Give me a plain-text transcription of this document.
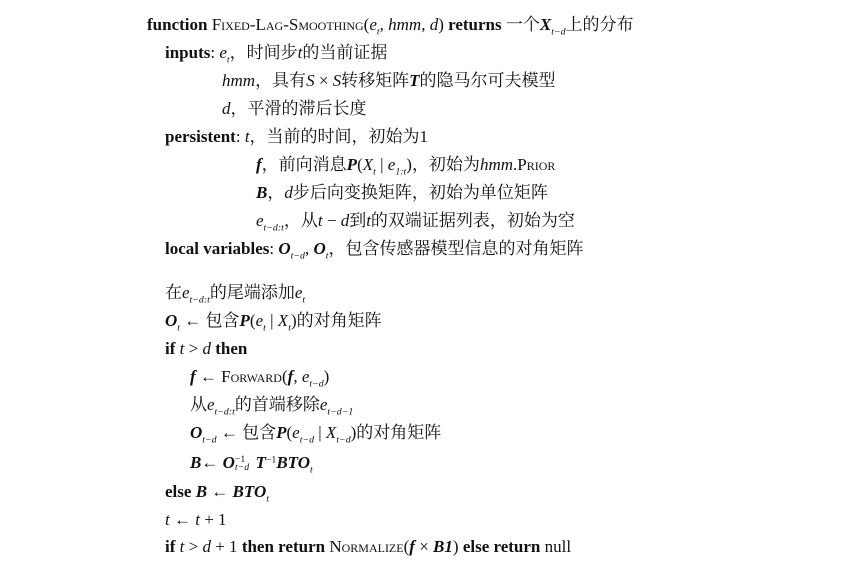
function Fixed-$Lag-Smoothing(e_t$, hmm, d) returns 一个$X_{t-d}$上的分布
inputs: $e_t$，时间步t的当前证据
hmm，具有S × S转移矩阵T的隐马尔可夫模型
d，平滑的滞后长度
persistent: t，当前的时间，初始为1
f，前向消息$P(X_t$ | $e_{1:t}$)，初始为hmm.Prior
B，d步后向变换矩阵，初始为单位矩阵
$e_{t-d:t}$，从t − d到t的双端证据列表，初始为空
local variables: $O_{t-d}$, $O_t$，包含传感器模型信息的对角矩阵
在$e_{t-d:t}$的尾端添加$e_t$
$O_t$ ← 包含$P(e_t$ | $X_t$)的对角矩阵
if t > d then
f ← Forward(f, $e_{t-d}$)
从$e_{t-d:t}$的首端移除$e_{t-d-1}$
$O_{t-d}$ ← 包含$P(e_{t-d}$ | $X_{t-d}$)的对角矩阵
B← O −1
t−d $T^{-1}BTO_t$
else B ← $BTO_t$
t ← t + 1
if t > d + 1 then return Normalize(f × B1) else return null
